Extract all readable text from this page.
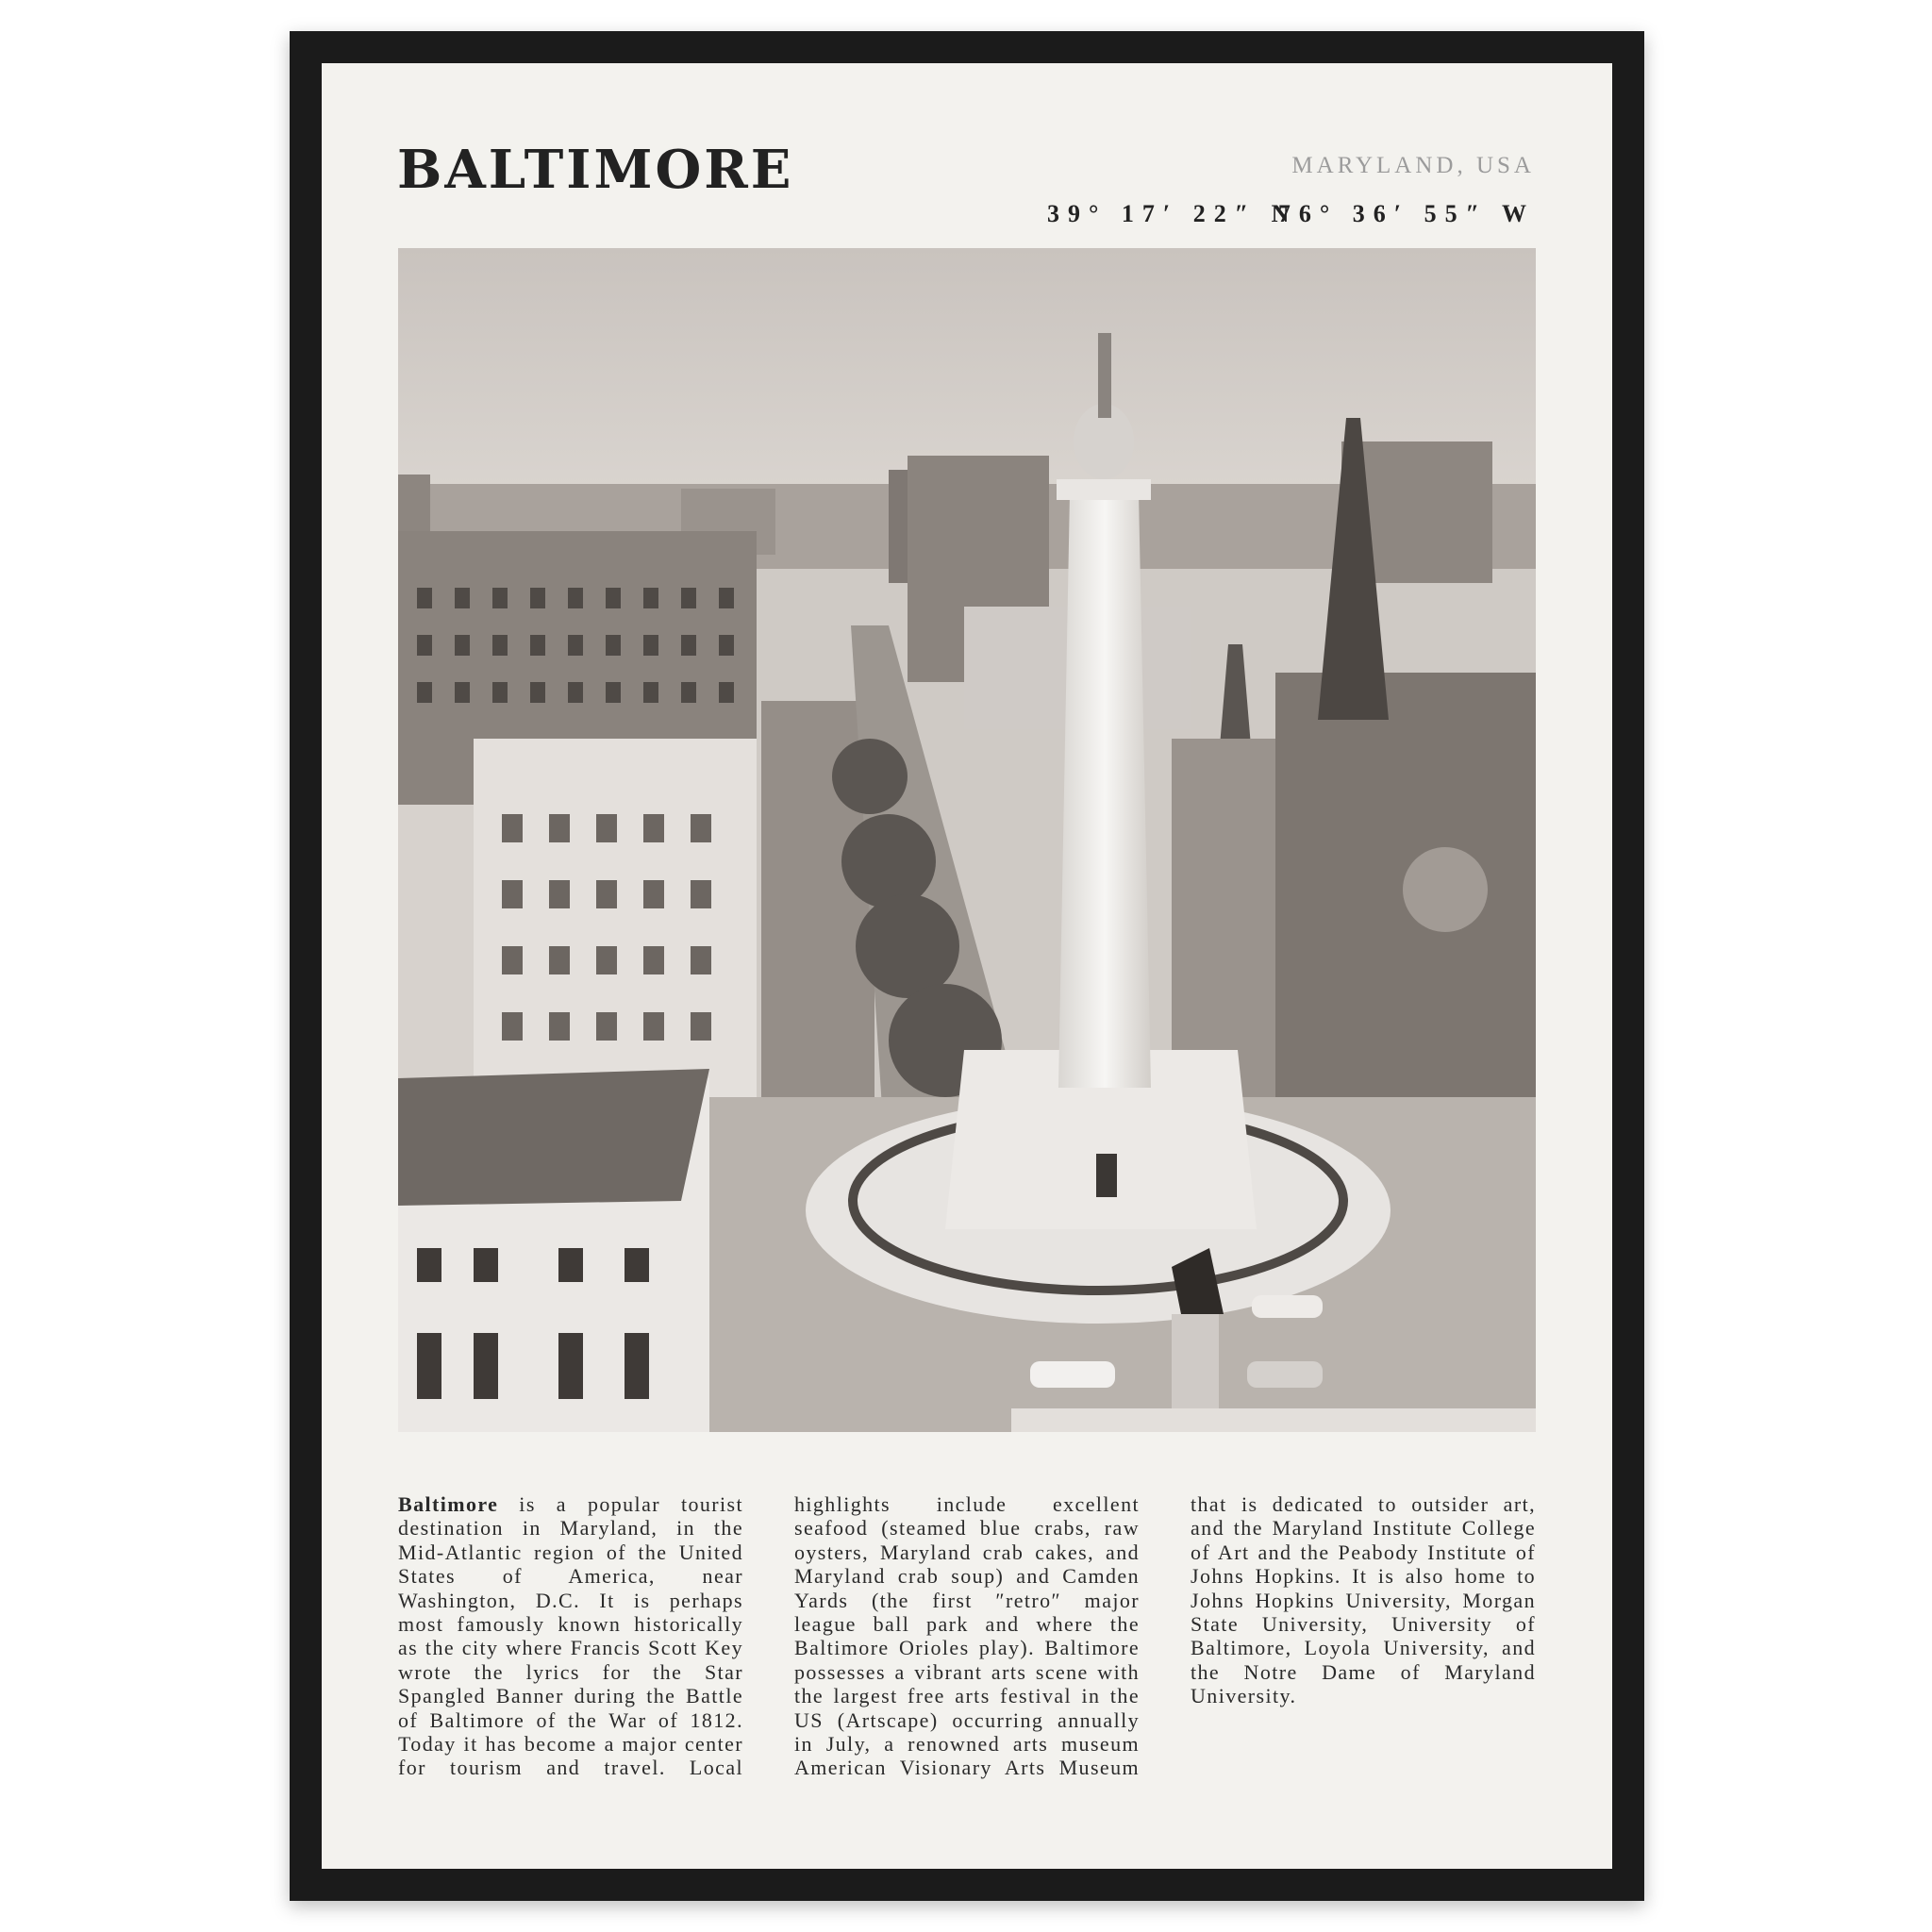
BALTIMORE	MARYLAND, USA
39° 17′ 22″ N
76° 36′ 55″ W

Baltimore is a popular tourist destination in Maryland, in the Mid-Atlantic region of the United States of America, near Washington, D.C. It is perhaps most famously known historically as the city where Francis Scott Key wrote the lyrics for the Star Spangled Banner during the Battle of Baltimore of the War of 1812. Today it has become a major center for tourism and travel. Local highlights include excellent seafood (steamed blue crabs, raw oysters, Maryland crab cakes, and Maryland crab soup) and Camden Yards (the first ″retro″ major league ball park and where the Baltimore Orioles play). Baltimore possesses a vibrant arts scene with the largest free arts festival in the US (Artscape) occurring annually in July, a renowned arts museum American Visionary Arts Museum that is dedicated to outsider art, and the Maryland Institute College of Art and the Peabody Institute of Johns Hopkins. It is also home to Johns Hopkins University, Morgan State University, University of Baltimore, Loyola University, and the Notre Dame of Maryland University.
